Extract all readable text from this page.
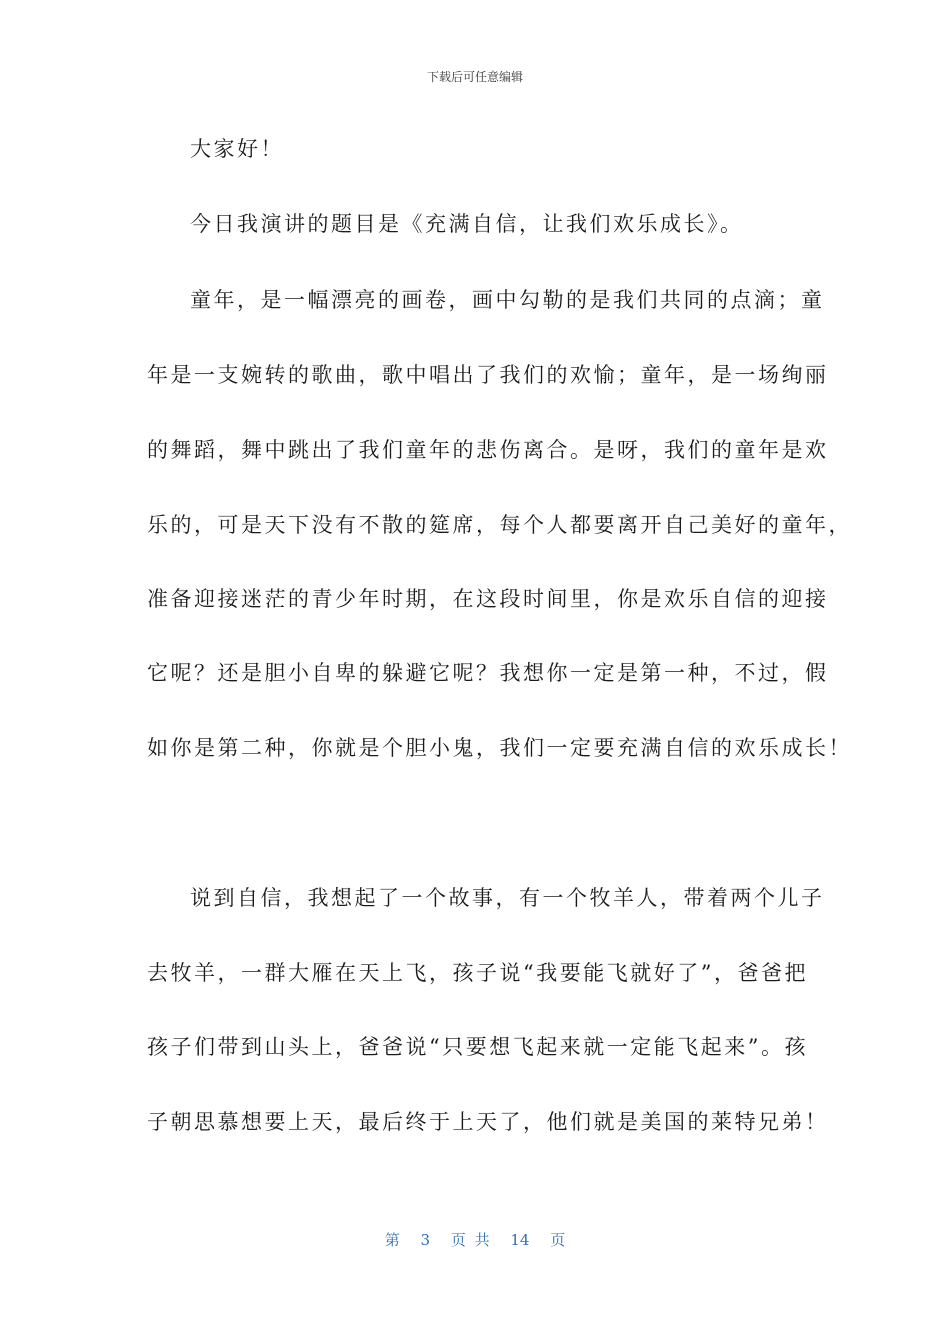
下载后可任意编辑
大家好！
今日我演讲的题目是《充满自信，让我们欢乐成长》。
童年，是一幅漂亮的画卷，画中勾勒的是我们共同的点滴；童
年是一支婉转的歌曲，歌中唱出了我们的欢愉；童年，是一场绚丽
的舞蹈，舞中跳出了我们童年的悲伤离合。是呀，我们的童年是欢
乐的，可是天下没有不散的筵席，每个人都要离开自己美好的童年，
准备迎接迷茫的青少年时期，在这段时间里，你是欢乐自信的迎接
它呢？还是胆小自卑的躲避它呢？我想你一定是第一种，不过，假
如你是第二种，你就是个胆小鬼，我们一定要充满自信的欢乐成长！
说到自信，我想起了一个故事，有一个牧羊人，带着两个儿子
去牧羊，一群大雁在天上飞，孩子说“我要能飞就好了”，爸爸把
孩子们带到山头上，爸爸说“只要想飞起来就一定能飞起来”。孩
子朝思慕想要上天，最后终于上天了，他们就是美国的莱特兄弟！
第 3 页 共 14 页
